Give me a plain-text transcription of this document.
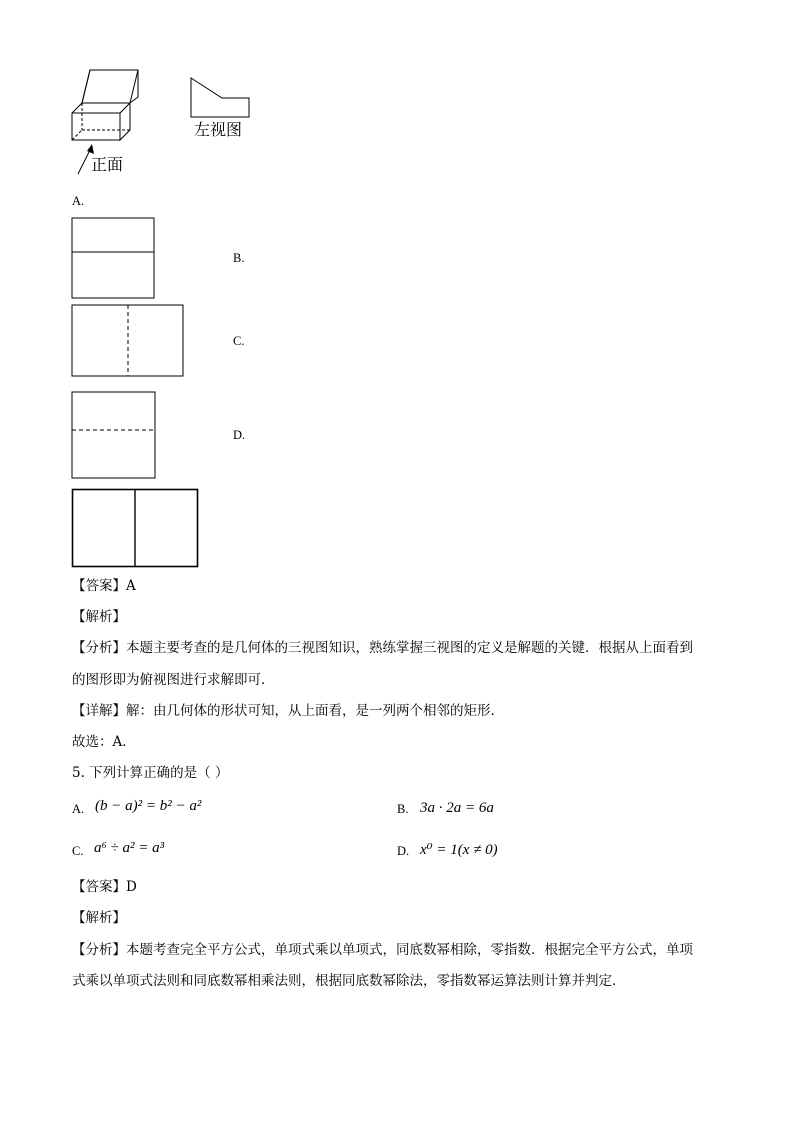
左视图
正面
A.
B.
C.
D.
【答案】A
【解析】
【分析】本题主要考查的是几何体的三视图知识，熟练掌握三视图的定义是解题的关键．根据从上面看到
的图形即为俯视图进行求解即可．
【详解】解：由几何体的形状可知，从上面看，是一列两个相邻的矩形．
故选：A．
5. 下列计算正确的是（ ）
A. (b − a)² = b² − a²	B. 3a · 2a = 6a
C. a⁶ ÷ a² = a³	D. x⁰ = 1(x ≠ 0)
【答案】D
【解析】
【分析】本题考查完全平方公式，单项式乘以单项式，同底数幂相除，零指数．根据完全平方公式，单项
式乘以单项式法则和同底数幂相乘法则，根据同底数幂除法，零指数幂运算法则计算并判定．
